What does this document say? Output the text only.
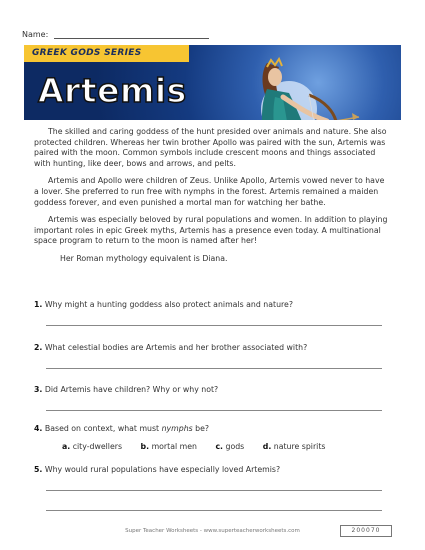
Name:
GREEK GODS SERIES
Artemis

The skilled and caring goddess of the hunt presided over animals and nature. She also protected children. Whereas her twin brother Apollo was paired with the sun, Artemis was paired with the moon. Common symbols include crescent moons and things associated with hunting, like deer, bows and arrows, and pelts.

Artemis and Apollo were children of Zeus. Unlike Apollo, Artemis vowed never to have a lover. She preferred to run free with nymphs in the forest. Artemis remained a maiden goddess forever, and even punished a mortal man for watching her bathe.

Artemis was especially beloved by rural populations and women. In addition to playing important roles in epic Greek myths, Artemis has a presence even today. A multinational space program to return to the moon is named after her!

Her Roman mythology equivalent is Diana.

1. Why might a hunting goddess also protect animals and nature?
2. What celestial bodies are Artemis and her brother associated with?
3. Did Artemis have children? Why or why not?
4. Based on context, what must nymphs be?
a. city-dwellers b. mortal men c. gods d. nature spirits
5. Why would rural populations have especially loved Artemis?
Super Teacher Worksheets - www.superteacherworksheets.com	200070
